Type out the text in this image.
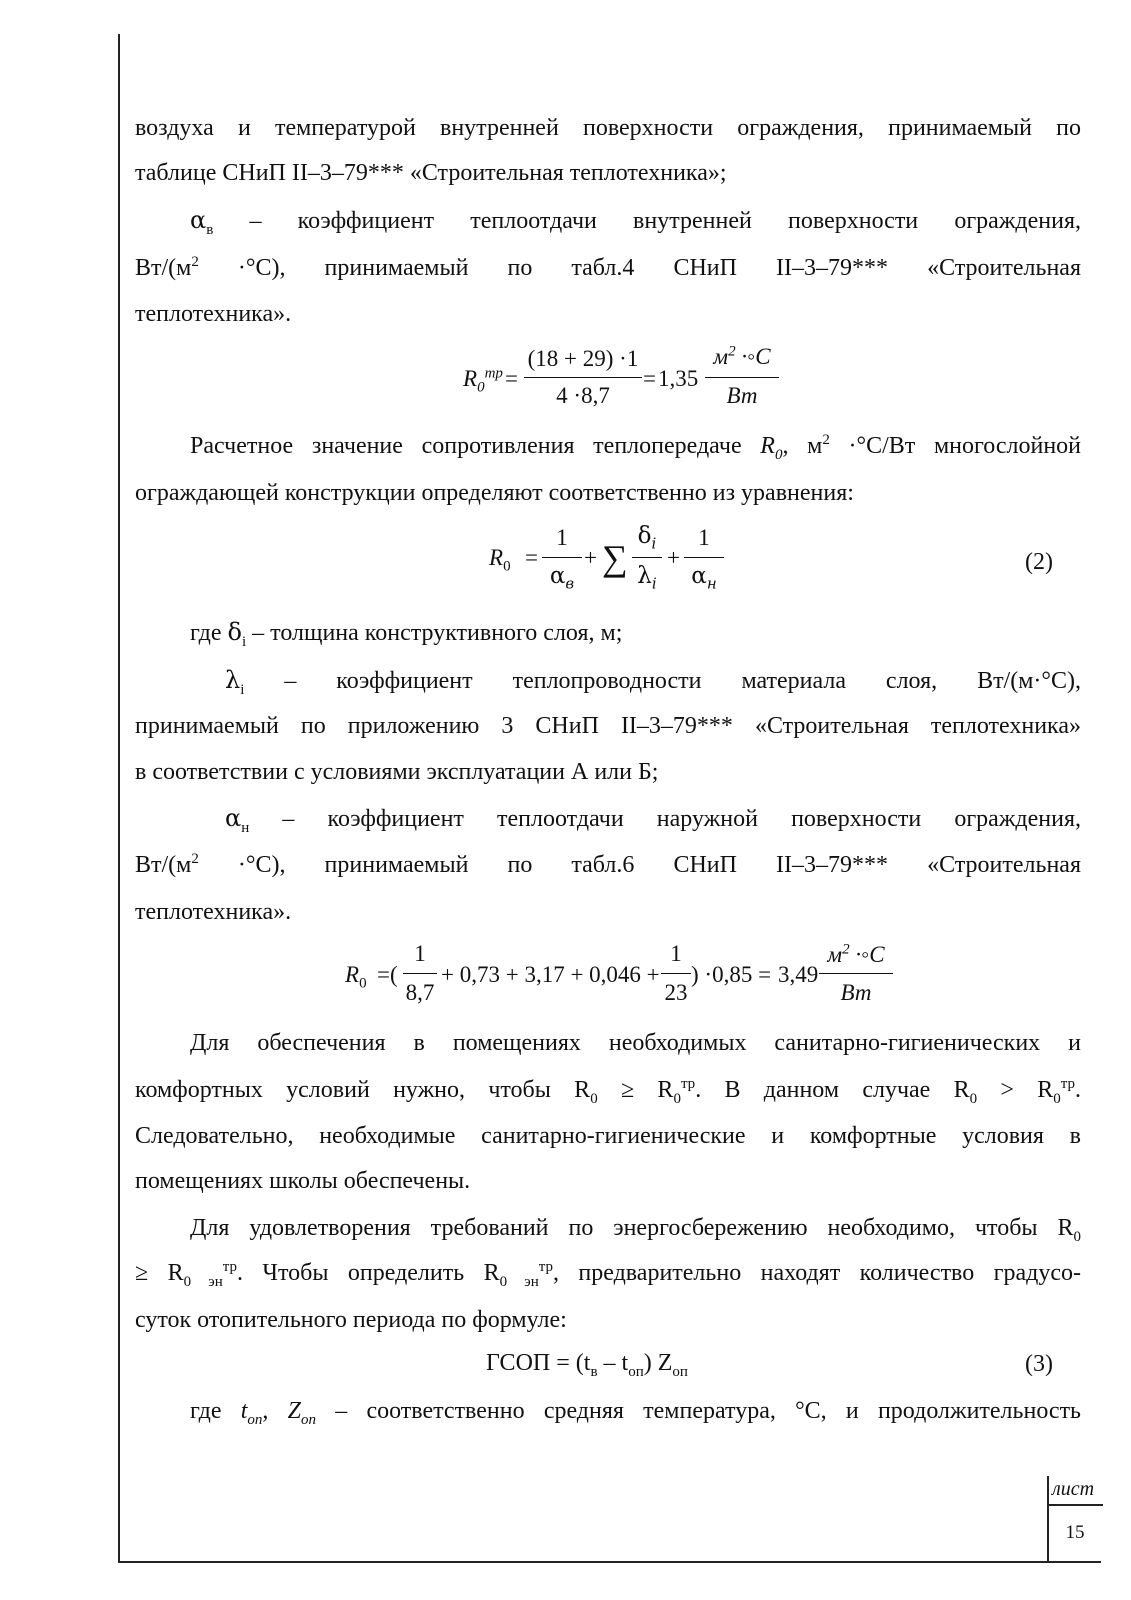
воздуха и температурой внутренней поверхности ограждения, принимаемый по
таблице СНиП II–3–79*** «Строительная теплотехника»;
$\alpha_в$ – коэффициент теплоотдачи внутренней поверхности ограждения,
$Вт/(м^2 \cdot^\circ С)$, принимаемый по табл.4 СНиП II–3–79*** «Строительная
теплотехника».
$R_0^{тр}$ =
(18 + 29) ·1
4 ·8,7
= 1,35
$м^2$ ·◦C
Вт
Расчетное значение сопротивления теплопередаче $R_0$, $м^2 \cdot^\circ С/Вт$ многослойной
ограждающей конструкции определяют соответственно из уравнения:
$R_0$ =
1
$\alpha_в$
+ ∑
$\delta_i$
$\lambda_i$
+
1
$\alpha_н$
(2)
где $\delta_i$ – толщина конструктивного слоя, м;
$\lambda_i$ – коэффициент теплопроводности материала слоя, Вт/(м·°С),
принимаемый по приложению 3 СНиП II–3–79*** «Строительная теплотехника»
в соответствии с условиями эксплуатации А или Б;
$\alpha_н$ – коэффициент теплоотдачи наружной поверхности ограждения,
$Вт/(м^2 \cdot^\circ С)$, принимаемый по табл.6 СНиП II–3–79*** «Строительная
теплотехника».
$R_0$ =(
1
8,7
+ 0,73 + 3,17 + 0,046 +
1
23
) ·0,85 = 3,49
$м^2$ ·◦C
Вт
Для обеспечения в помещениях необходимых санитарно-гигиенических и
комфортных условий нужно, чтобы $R_0 \ge R_0^{тр}$. В данном случае $R_0 > R_0^{тр}$.
Следовательно, необходимые санитарно-гигиенические и комфортные условия в
помещениях школы обеспечены.
Для удовлетворения требований по энергосбережению необходимо, чтобы $R_0$
≥ $R_{0 эн}^{тр}$. Чтобы определить $R_{0 эн}^{тр}$, предварительно находят количество градусо-
суток отопительного периода по формуле:
ГСОП = $(t_в - t_{оп})$ $Z_{оп}$	(3)
где $t_{on}$, $Z_{on}$ – соответственно средняя температура, °С, и продолжительность
лист
15
